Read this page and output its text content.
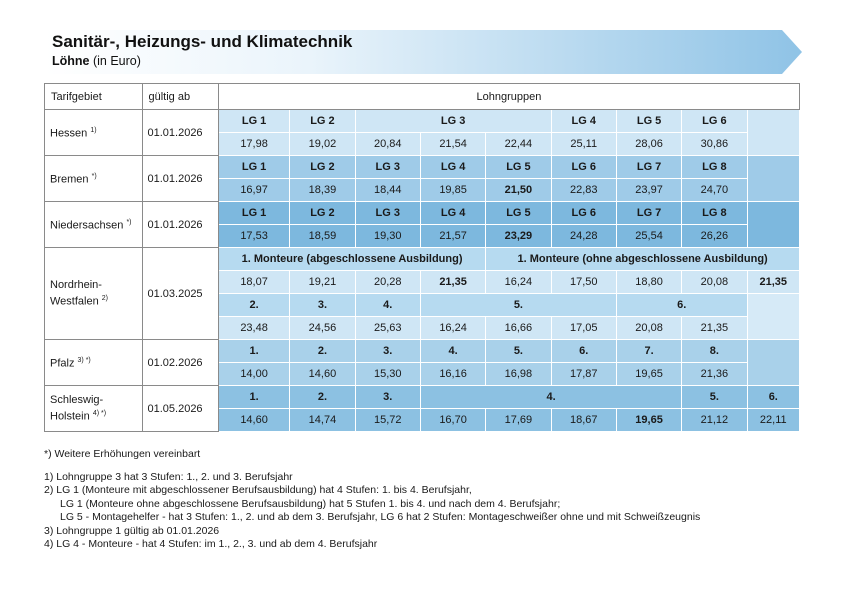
Sanitär-, Heizungs- und Klimatechnik
Löhne (in Euro)
Tarifgebiet	gültig ab	Lohngruppen								
Hessen $^{1)}$	01.01.2026	LG 1	LG 2	LG 3			LG 4	LG 5	LG 6	
		17,98	19,02	20,84	21,54	22,44	25,11	28,06	30,86	
Bremen *)	01.01.2026	LG 1	LG 2	LG 3	LG 4	LG 5	LG 6	LG 7	LG 8	
		16,97	18,39	18,44	19,85	21,50	22,83	23,97	24,70	
Niedersachsen *)	01.01.2026	LG 1	LG 2	LG 3	LG 4	LG 5	LG 6	LG 7	LG 8	
		17,53	18,59	19,30	21,57	23,29	24,28	25,54	26,26	
Nordrhein-
Westfalen $^{2)}$	01.03.2025	1. Monteure (abgeschlossene Ausbildung)				1. Monteure (ohne abgeschlossene Ausbildung)				
		18,07	19,21	20,28	21,35	16,24	17,50	18,80	20,08	21,35
		2.	3.	4.	5.			6.		
		23,48	24,56	25,63	16,24	16,66	17,05	20,08	21,35	
Pfalz $^{3) *)}$	01.02.2026	1.	2.	3.	4.	5.	6.	7.	8.	
		14,00	14,60	15,30	16,16	16,98	17,87	19,65	21,36	
Schleswig-
Holstein $^{4) *)}$	01.05.2026	1.	2.	3.	4.				5.	6.
		14,60	14,74	15,72	16,70	17,69	18,67	19,65	21,12	22,11
*) Weitere Erhöhungen vereinbart
1) Lohngruppe 3 hat 3 Stufen: 1., 2. und 3. Berufsjahr
2) LG 1 (Monteure mit abgeschlossener Berufsausbildung) hat 4 Stufen: 1. bis 4. Berufsjahr,
LG 1 (Monteure ohne abgeschlossene Berufsausbildung) hat 5 Stufen 1. bis 4. und nach dem 4. Berufsjahr;
LG 5 - Montagehelfer - hat 3 Stufen: 1., 2. und ab dem 3. Berufsjahr, LG 6 hat 2 Stufen: Montageschweißer ohne und mit Schweißzeugnis
3) Lohngruppe 1 gültig ab 01.01.2026
4) LG 4 - Monteure - hat 4 Stufen: im 1., 2., 3. und ab dem 4. Berufsjahr
